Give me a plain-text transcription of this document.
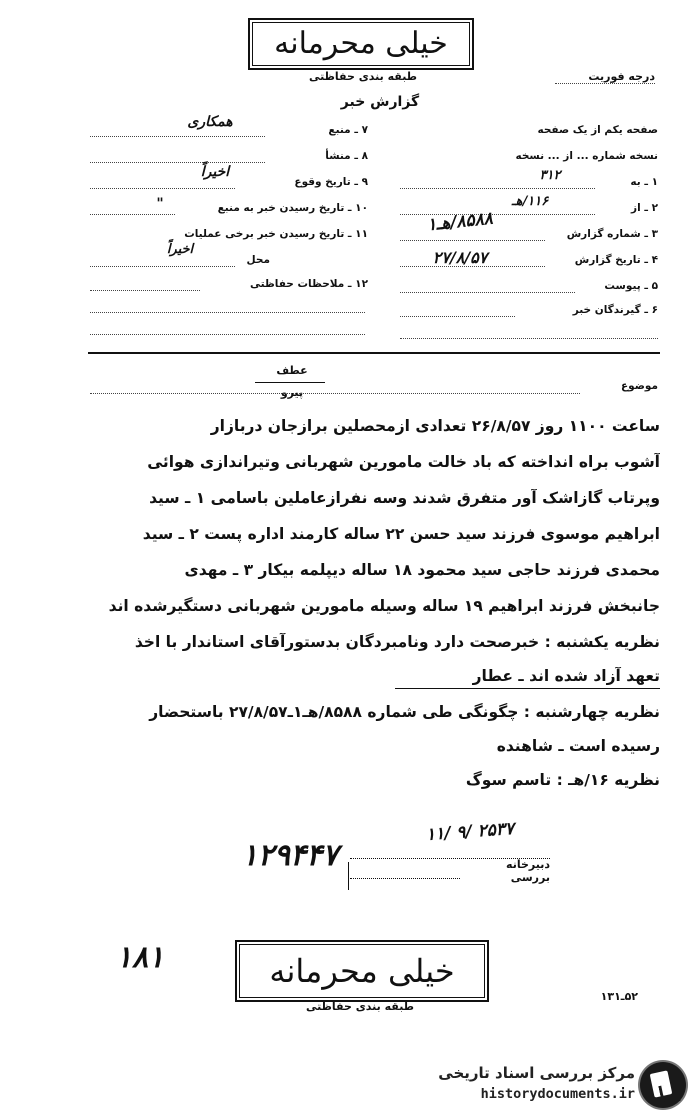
خیلی محرمانه
طبقه بندی حفاظتی	درجه فوریت
گزارش خبر
۷ ـ منبع
همکاری
۸ ـ منشأ
۹ ـ تاریخ وقوع
اخیراً
۱۰ ـ تاریخ رسیدن خبر به منبع
"
۱۱ ـ تاریخ رسیدن خبر برخی عملیات
محل
اخیراً
۱۲ ـ ملاحظات حفاظتی
صفحه یکم از یک صفحه
نسخه شماره ... از ... نسخه
۱ ـ به
۳۱۲
۲ ـ از
۱۱۶/هـ
۳ ـ شماره گزارش
۸۵۸۸/هـ۱
۴ ـ تاریخ گزارش
۲۷/۸/۵۷
۵ ـ پیوست
۶ ـ گیرندگان خبر
عطف
پیرو	موضوع
ساعت ۱۱۰۰ روز ۲۶/۸/۵۷ تعدادی ازمحصلین برازجان دربازار
آشوب براه انداخته که باد خالت مامورین شهربانی وتیراندازی هوائی
وپرتاب گازاشک آور متفرق شدند وسه نفرازعاملین باسامی ۱ ـ سید
ابراهیم موسوی فرزند سید حسن ۲۲ ساله کارمند اداره پست ۲ ـ سید
محمدی فرزند حاجی سید محمود ۱۸ ساله دیپلمه بیکار ۳ ـ مهدی
جانبخش فرزند ابراهیم ۱۹ ساله وسیله مامورین شهربانی دستگیرشده اند
نظریه یکشنبه : خبرصحت دارد ونامبردگان بدستورآقای استاندار با اخذ
تعهد آزاد شده اند ـ عطار
نظریه چهارشنبه : چگونگی طی شماره ۸۵۸۸/هـ۱ـ۲۷/۸/۵۷ باستحضار
رسیده است ـ شاهنده
نظریه ۱۶/هـ : تاسم سوگ
۱۱/ ۹/ ۲۵۳۷
دبیرخانه بررسی
۱۲۹۴۴۷
۱۸۱	خیلی محرمانه
طبقه بندی حفاظتی
۵۲ـ۱۳۱
مرکز بررسی اسناد تاریخی
historydocuments.ir
